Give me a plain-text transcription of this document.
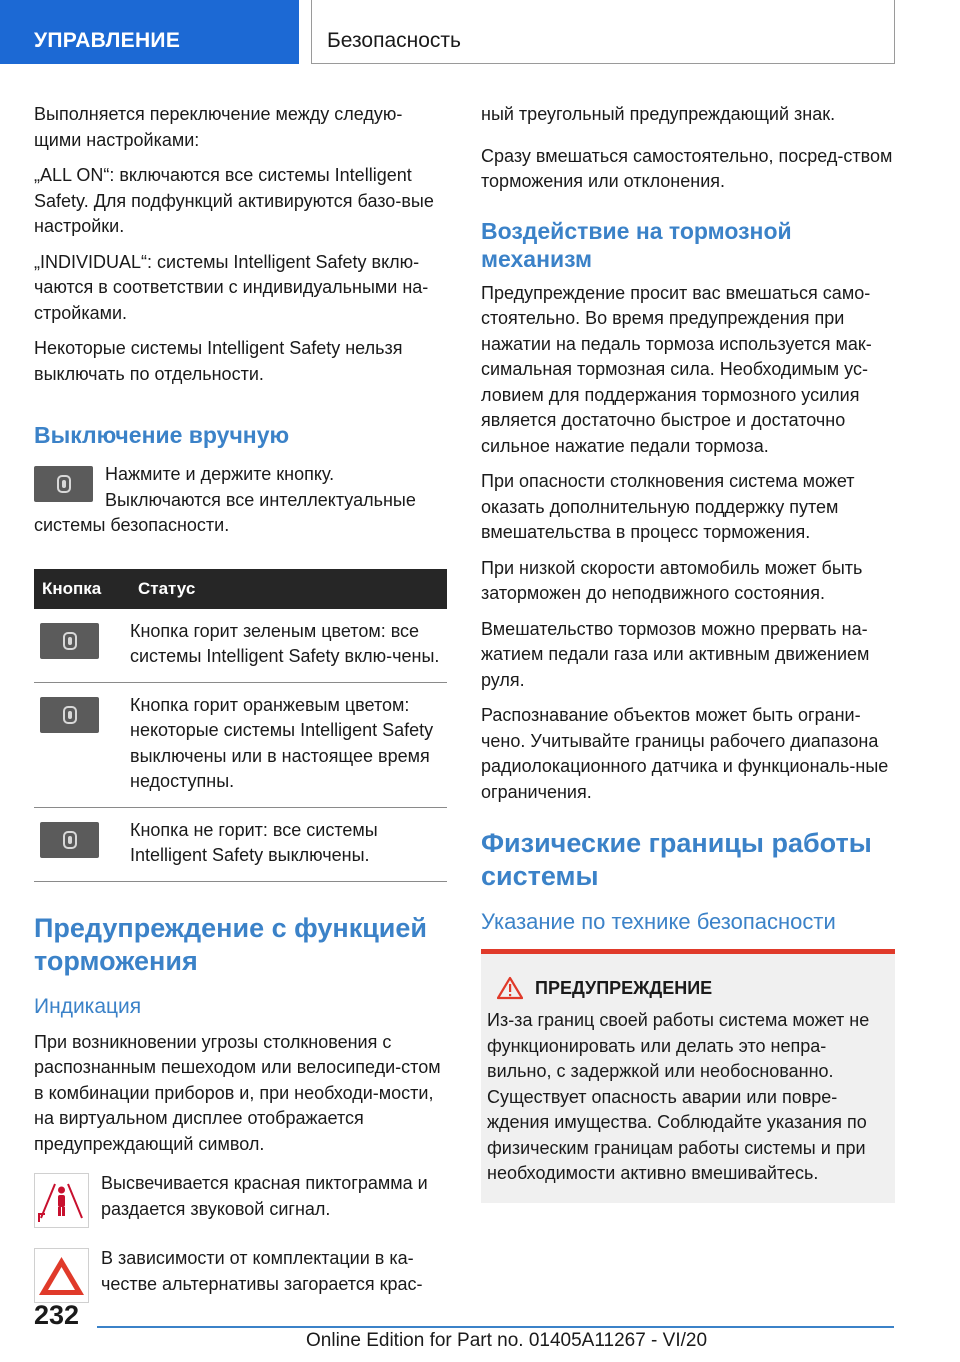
УПРАВЛЕНИЕ	Безопасность

Выполняется переключение между следую-щими настройками:

„ALL ON“: включаются все системы Intelligent Safety. Для подфункций активируются базо-вые настройки.

„INDIVIDUAL“: системы Intelligent Safety вклю-чаются в соответствии с индивидуальными на-стройками.

Некоторые системы Intelligent Safety нельзя выключать по отдельности.

Выключение вручную

Нажмите и держите кнопку.

Выключаются все интеллектуальные системы безопасности.

Кнопка	Статус

	Кнопка горит зеленым цветом: все системы Intelligent Safety вклю-чены.

	Кнопка горит оранжевым цветом: некоторые системы Intelligent Safety выключены или в настоящее время недоступны.

	Кнопка не горит: все системы Intelligent Safety выключены.
Предупреждение с функцией торможения
Индикация

При возникновении угрозы столкновения с распознанным пешеходом или велосипеди-стом в комбинации приборов и, при необходи-мости, на виртуальном дисплее отображается предупреждающий символ.

Высвечивается красная пиктограмма и раздается звуковой сигнал.

В зависимости от комплектации в ка-честве альтернативы загорается крас-

ный треугольный предупреждающий знак.

Сразу вмешаться самостоятельно, посред-ством торможения или отклонения.

Воздействие на тормозной механизм

Предупреждение просит вас вмешаться само-стоятельно. Во время предупреждения при нажатии на педаль тормоза используется мак-симальная тормозная сила. Необходимым ус-ловием для поддержания тормозного усилия является достаточно быстрое и достаточно сильное нажатие педали тормоза.

При опасности столкновения система может оказать дополнительную поддержку путем вмешательства в процесс торможения.

При низкой скорости автомобиль может быть заторможен до неподвижного состояния.

Вмешательство тормозов можно прервать на-жатием педали газа или активным движением руля.

Распознавание объектов может быть ограни-чено. Учитывайте границы рабочего диапазона радиолокационного датчика и функциональ-ные ограничения.

Физические границы работы системы
Указание по технике безопасности
ПРЕДУПРЕЖДЕНИЕ

Из-за границ своей работы система может не функционировать или делать это непра-вильно, с задержкой или необоснованно. Существует опасность аварии или повре-ждения имущества. Соблюдайте указания по физическим границам работы системы и при необходимости активно вмешивайтесь.

232
Online Edition for Part no. 01405A11267 - VI/20
